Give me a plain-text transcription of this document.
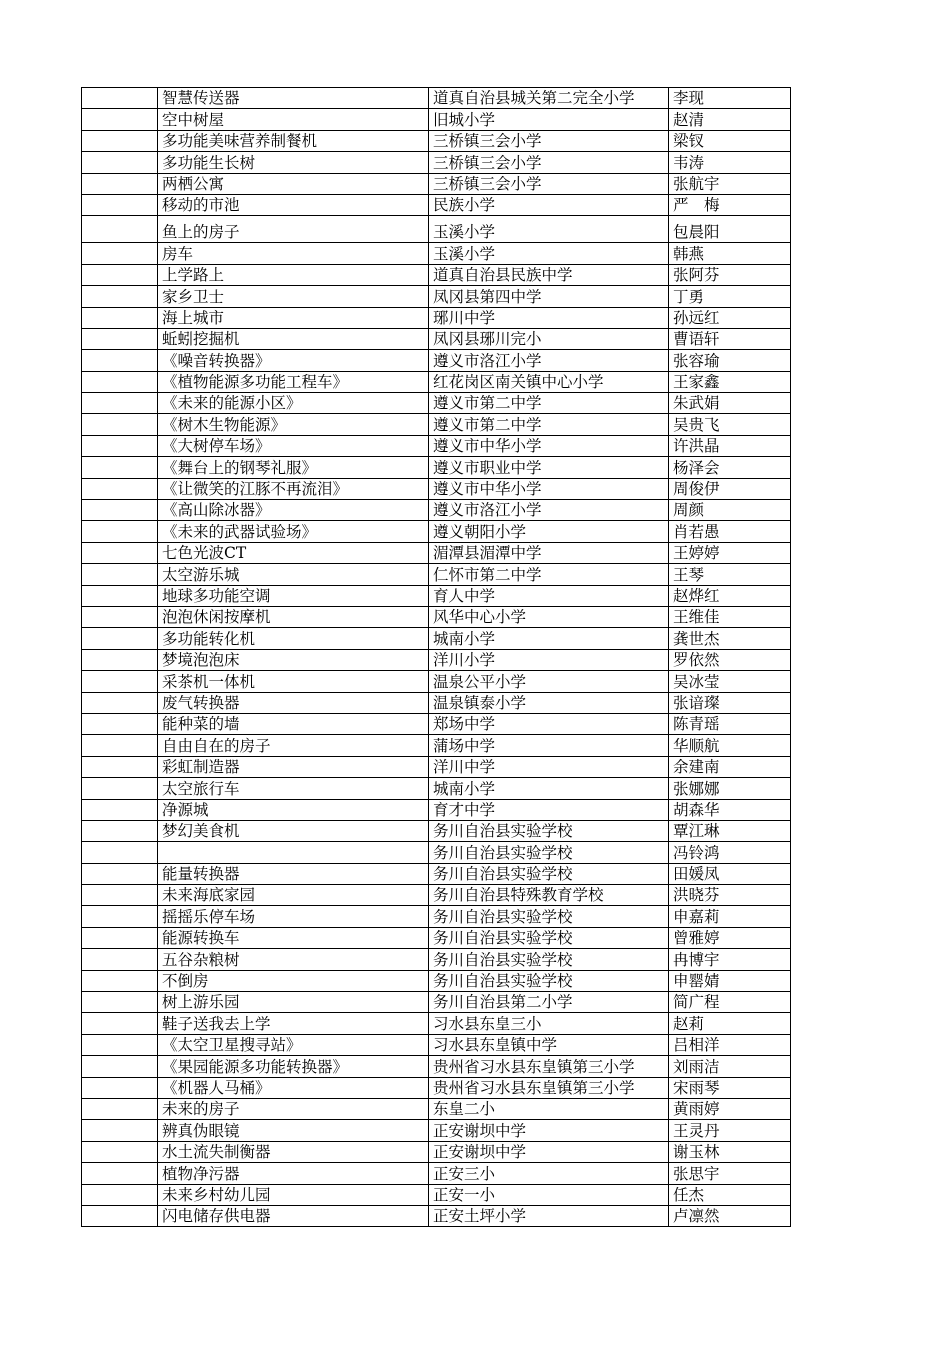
	智慧传送器	道真自治县城关第二完全小学	李现
	空中树屋	旧城小学	赵清
	多功能美味营养制餐机	三桥镇三会小学	梁钗
	多功能生长树	三桥镇三会小学	韦涛
	两栖公寓	三桥镇三会小学	张航宇
	移动的市池	民族小学	严　梅
	鱼上的房子	玉溪小学	包晨阳
	房车	玉溪小学	韩燕
	上学路上	道真自治县民族中学	张阿芬
	家乡卫士	凤冈县第四中学	丁勇
	海上城市	琊川中学	孙远红
	蚯蚓挖掘机	凤冈县琊川完小	曹语轩
	《噪音转换器》	遵义市洛江小学	张容瑜
	《植物能源多功能工程车》	红花岗区南关镇中心小学	王家鑫
	《未来的能源小区》	遵义市第二中学	朱武娟
	《树木生物能源》	遵义市第二中学	吴贵飞
	《大树停车场》	遵义市中华小学	许洪晶
	《舞台上的钢琴礼服》	遵义市职业中学	杨泽会
	《让微笑的江豚不再流泪》	遵义市中华小学	周俊伊
	《高山除冰器》	遵义市洛江小学	周颜
	《未来的武器试验场》	遵义朝阳小学	肖若愚
	七色光波CT	湄潭县湄潭中学	王婷婷
	太空游乐城	仁怀市第二中学	王琴
	地球多功能空调	育人中学	赵烨红
	泡泡休闲按摩机	风华中心小学	王维佳
	多功能转化机	城南小学	龚世杰
	梦境泡泡床	洋川小学	罗依然
	采茶机一体机	温泉公平小学	吴冰莹
	废气转换器	温泉镇泰小学	张谙璨
	能种菜的墙	郑场中学	陈青瑶
	自由自在的房子	蒲场中学	华顺航
	彩虹制造器	洋川中学	余建南
	太空旅行车	城南小学	张娜娜
	净源城	育才中学	胡森华
	梦幻美食机	务川自治县实验学校	覃江琳
		务川自治县实验学校	冯铃鸿
	能量转换器	务川自治县实验学校	田媛凤
	未来海底家园	务川自治县特殊教育学校	洪晓芬
	摇摇乐停车场	务川自治县实验学校	申嘉莉
	能源转换车	务川自治县实验学校	曾雅婷
	五谷杂粮树	务川自治县实验学校	冉博宇
	不倒房	务川自治县实验学校	申罂婧
	树上游乐园	务川自治县第二小学	简广程
	鞋子送我去上学	习水县东皇三小	赵莉
	《太空卫星搜寻站》	习水县东皇镇中学	吕相洋
	《果园能源多功能转换器》	贵州省习水县东皇镇第三小学	刘雨洁
	《机器人马桶》	贵州省习水县东皇镇第三小学	宋雨琴
	未来的房子	东皇二小	黄雨婷
	辨真伪眼镜	正安谢坝中学	王灵丹
	水土流失制衡器	正安谢坝中学	谢玉林
	植物净污器	正安三小	张思宇
	未来乡村幼儿园	正安一小	任杰
	闪电储存供电器	正安土坪小学	卢凛然
